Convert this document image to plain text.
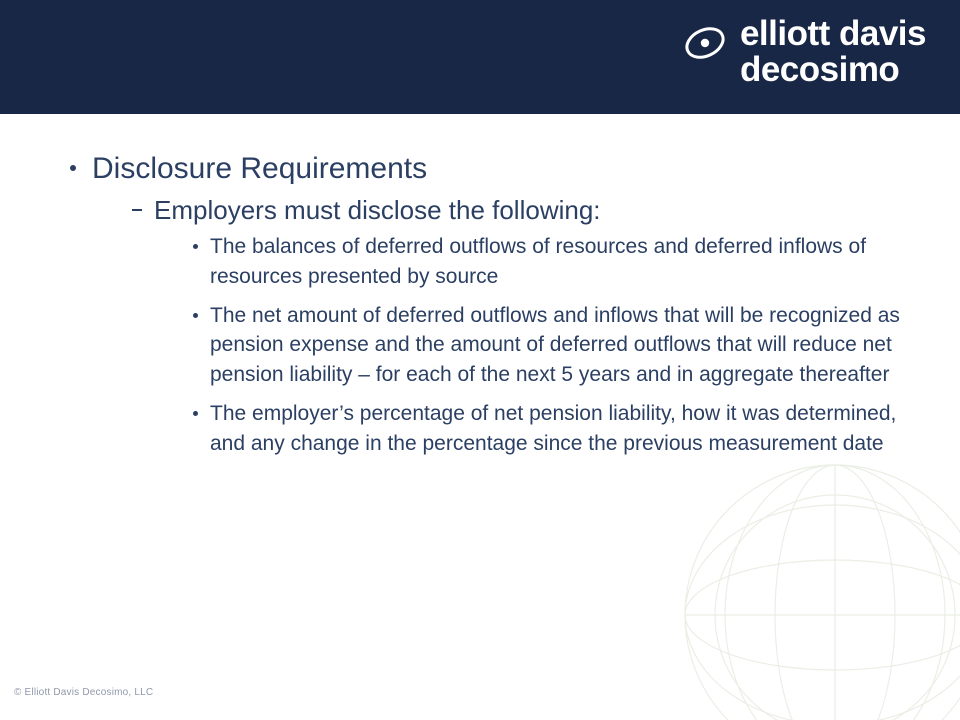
elliott davis
decosimo
Disclosure Requirements
Employers must disclose the following:
The balances of deferred outflows of resources and deferred inflows of resources presented by source
The net amount of deferred outflows and inflows that will be recognized as pension expense and the amount of deferred outflows that will reduce net pension liability – for each of the next 5 years and in aggregate thereafter
The employer’s percentage of net pension liability, how it was determined, and any change in the percentage since the previous measurement date
© Elliott Davis Decosimo, LLC
